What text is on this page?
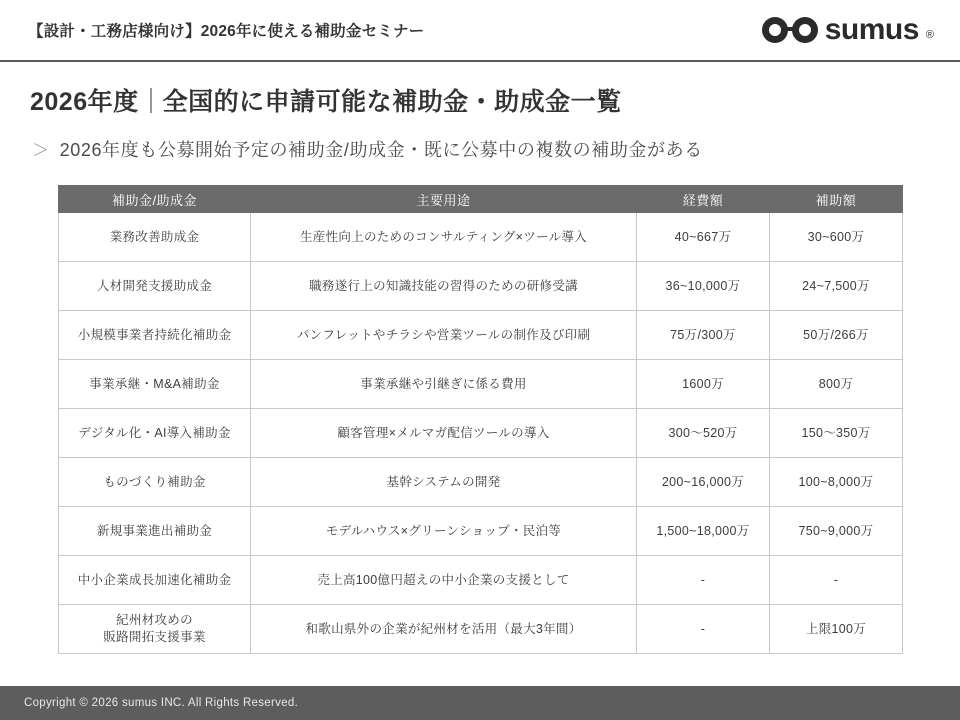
【設計・工務店様向け】2026年に使える補助金セミナー	sumus ®
2026年度 全国的に申請可能な補助金・助成金一覧
＞ 2026年度も公募開始予定の補助金/助成金・既に公募中の複数の補助金がある
補助金/助成金	主要用途	経費額	補助額
業務改善助成金	生産性向上のためのコンサルティング×ツール導入	40~667万	30~600万
人材開発支援助成金	職務遂行上の知識技能の習得のための研修受講	36~10,000万	24~7,500万
小規模事業者持続化補助金	パンフレットやチラシや営業ツールの制作及び印刷	75万/300万	50万/266万
事業承継・M&A補助金	事業承継や引継ぎに係る費用	1600万	800万
デジタル化・AI導入補助金	顧客管理×メルマガ配信ツールの導入	300〜520万	150〜350万
ものづくり補助金	基幹システムの開発	200~16,000万	100~8,000万
新規事業進出補助金	モデルハウス×グリーンショップ・民泊等	1,500~18,000万	750~9,000万
中小企業成長加速化補助金	売上高100億円超えの中小企業の支援として	-	-

紀州材攻めの
販路開拓支援事業	和歌山県外の企業が紀州材を活用（最大3年間）	-	上限100万
Copyright © 2026 sumus INC. All Rights Reserved.
